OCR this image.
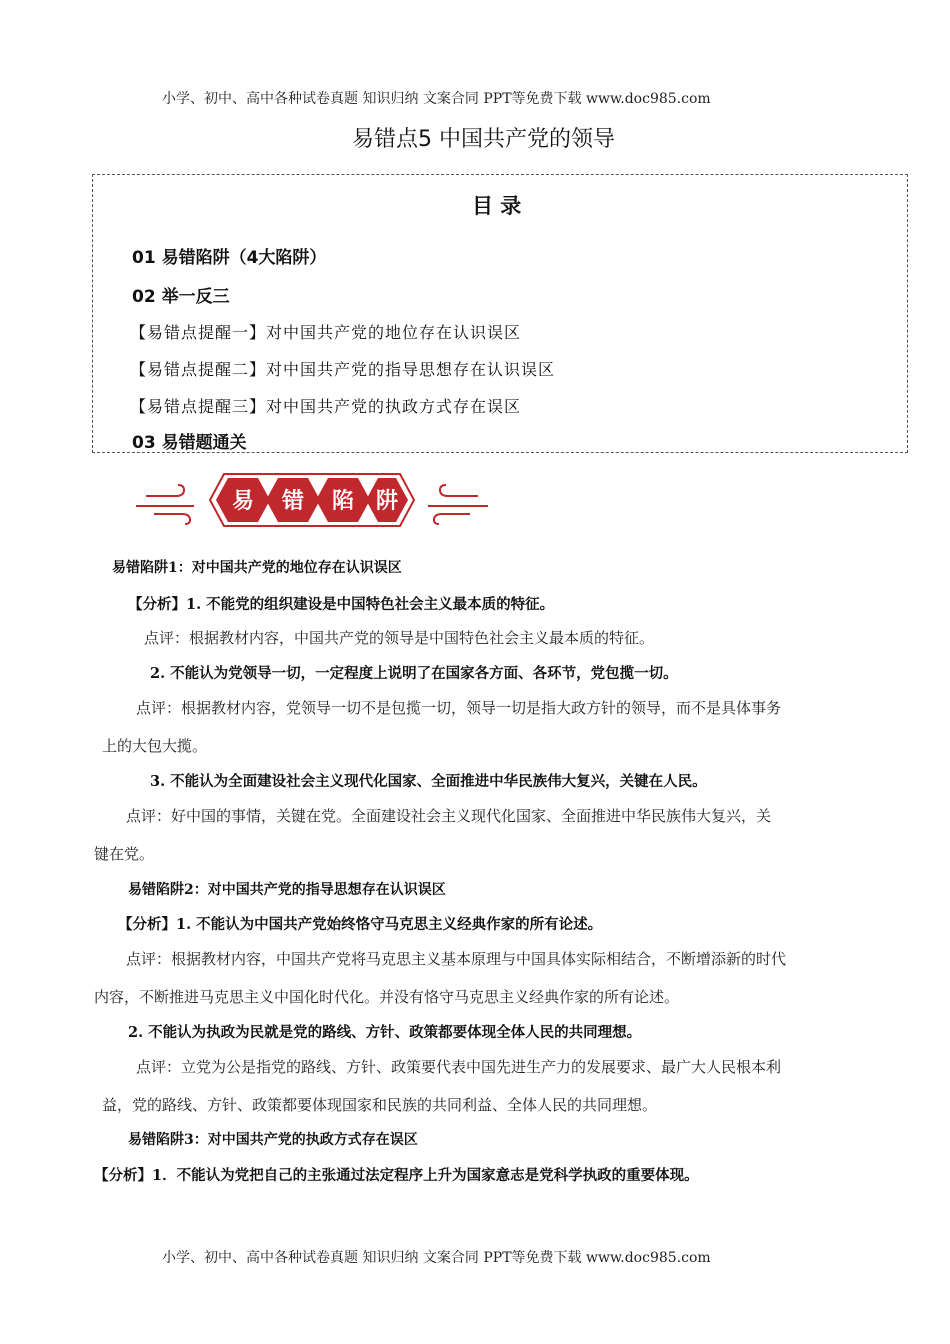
小学、初中、高中各种试卷真题 知识归纳 文案合同 PPT等免费下载 www.doc985.com
易错点5 中国共产党的领导
目 录
01 易错陷阱（4大陷阱）
02 举一反三
【易错点提醒一】对中国共产党的地位存在认识误区
【易错点提醒二】对中国共产党的指导思想存在认识误区
【易错点提醒三】对中国共产党的执政方式存在误区
03 易错题通关
易 错 陷 阱
易错陷阱1：对中国共产党的地位存在认识误区
【分析】1. 不能党的组织建设是中国特色社会主义最本质的特征。
点评：根据教材内容，中国共产党的领导是中国特色社会主义最本质的特征。
2. 不能认为党领导一切，一定程度上说明了在国家各方面、各环节，党包揽一切。
点评：根据教材内容，党领导一切不是包揽一切，领导一切是指大政方针的领导，而不是具体事务
上的大包大揽。
3. 不能认为全面建设社会主义现代化国家、全面推进中华民族伟大复兴，关键在人民。
点评：好中国的事情，关键在党。全面建设社会主义现代化国家、全面推进中华民族伟大复兴，关
键在党。
易错陷阱2：对中国共产党的指导思想存在认识误区
【分析】1. 不能认为中国共产党始终恪守马克思主义经典作家的所有论述。
点评：根据教材内容，中国共产党将马克思主义基本原理与中国具体实际相结合，不断增添新的时代
内容，不断推进马克思主义中国化时代化。并没有恪守马克思主义经典作家的所有论述。
2. 不能认为执政为民就是党的路线、方针、政策都要体现全体人民的共同理想。
点评：立党为公是指党的路线、方针、政策要代表中国先进生产力的发展要求、最广大人民根本利
益，党的路线、方针、政策都要体现国家和民族的共同利益、全体人民的共同理想。
易错陷阱3：对中国共产党的执政方式存在误区
【分析】1．不能认为党把自己的主张通过法定程序上升为国家意志是党科学执政的重要体现。
小学、初中、高中各种试卷真题 知识归纳 文案合同 PPT等免费下载 www.doc985.com
